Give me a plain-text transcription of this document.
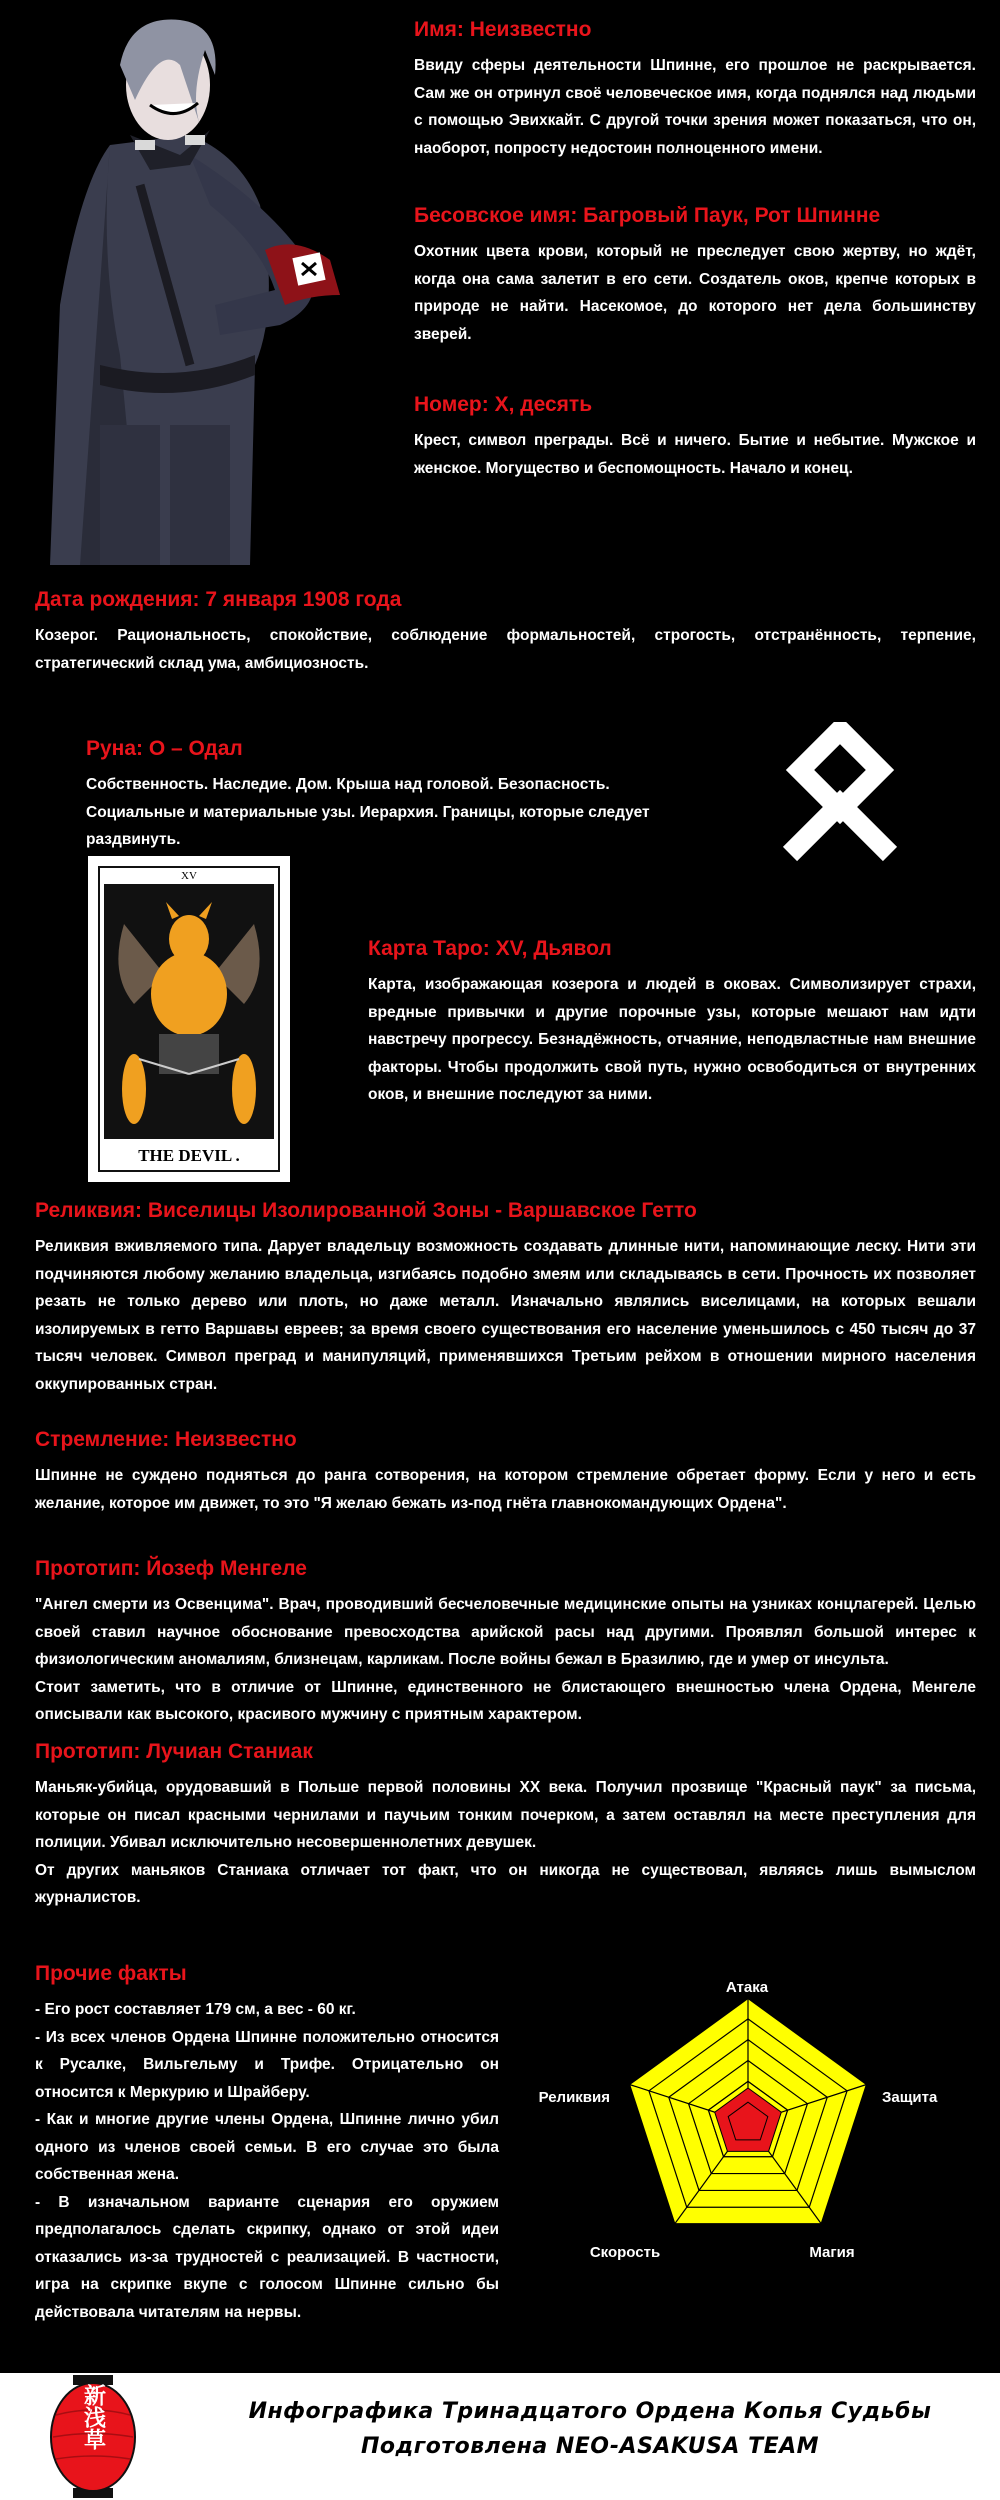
Имя: Неизвестно

Ввиду сферы деятельности Шпинне, его прошлое не раскрывается. Сам же он отринул своё человеческое имя, когда поднялся над людьми с помощью Эвихкайт. С другой точки зрения может показаться, что он, наоборот, попросту недостоин полноценного имени.

Бесовское имя: Багровый Паук, Рот Шпинне

Охотник цвета крови, который не преследует свою жертву, но ждёт, когда она сама залетит в его сети. Создатель оков, крепче которых в природе не найти. Насекомое, до которого нет дела большинству зверей.

Номер: X, десять

Крест, символ преграды. Всё и ничего. Бытие и небытие. Мужское и женское. Могущество и беспомощность. Начало и конец.

Дата рождения: 7 января 1908 года

Козерог. Рациональность, спокойствие, соблюдение формальностей, строгость, отстранённость, терпение, стратегический склад ума, амбициозность.

Руна: О – Одал

Собственность. Наследие. Дом. Крыша над головой. Безопасность. Социальные и материальные узы. Иерархия. Границы, которые следует раздвинуть.

XV
THE DEVIL .
Карта Таро: XV, Дьявол

Карта, изображающая козерога и людей в оковах. Символизирует страхи, вредные привычки и другие порочные узы, которые мешают нам идти навстречу прогрессу. Безнадёжность, отчаяние, неподвластные нам внешние факторы. Чтобы продолжить свой путь, нужно освободиться от внутренних оков, и внешние последуют за ними.

Реликвия: Виселицы Изолированной Зоны - Варшавское Гетто

Реликвия вживляемого типа. Дарует владельцу возможность создавать длинные нити, напоминающие леску. Нити эти подчиняются любому желанию владельца, изгибаясь подобно змеям или складываясь в сети. Прочность их позволяет резать не только дерево или плоть, но даже металл. Изначально являлись виселицами, на которых вешали изолируемых в гетто Варшавы евреев; за время своего существования его население уменьшилось с 450 тысяч до 37 тысяч человек. Символ преград и манипуляций, применявшихся Третьим рейхом в отношении мирного населения оккупированных стран.

Стремление: Неизвестно

Шпинне не суждено подняться до ранга сотворения, на котором стремление обретает форму. Если у него и есть желание, которое им движет, то это "Я желаю бежать из-под гнёта главнокомандующих Ордена".

Прототип: Йозеф Менгеле

"Ангел смерти из Освенцима". Врач, проводивший бесчеловечные медицинские опыты на узниках концлагерей. Целью своей ставил научное обоснование превосходства арийской расы над другими. Проявлял большой интерес к физиологическим аномалиям, близнецам, карликам. После войны бежал в Бразилию, где и умер от инсульта.

Стоит заметить, что в отличие от Шпинне, единственного не блистающего внешностью члена Ордена, Менгеле описывали как высокого, красивого мужчину с приятным характером.

Прототип: Лучиан Станиак

Маньяк-убийца, орудовавший в Польше первой половины XX века. Получил прозвище "Красный паук" за письма, которые он писал красными чернилами и паучьим тонким почерком, а затем оставлял на месте преступления для полиции. Убивал исключительно несовершеннолетних девушек.

От других маньяков Станиака отличает тот факт, что он никогда не существовал, являясь лишь вымыслом журналистов.

Прочие факты

- Его рост составляет 179 см, а вес - 60 кг.

- Из всех членов Ордена Шпинне положительно относится к Русалке, Вильгельму и Трифе. Отрицательно он относится к Меркурию и Шрайберу.

- Как и многие другие члены Ордена, Шпинне лично убил одного из членов своей семьи. В его случае это была собственная жена.

- В изначальном варианте сценария его оружием предполагалось сделать скрипку, однако от этой идеи отказались из-за трудностей с реализацией. В частности, игра на скрипке вкупе с голосом Шпинне сильно бы действовала читателям на нервы.

Атака
Защита
Магия
Скорость
Реликвия
新浅草	Инфографика Тринадцатого Ордена Копья Судьбы
Подготовлена NEO-ASAKUSA TEAM
